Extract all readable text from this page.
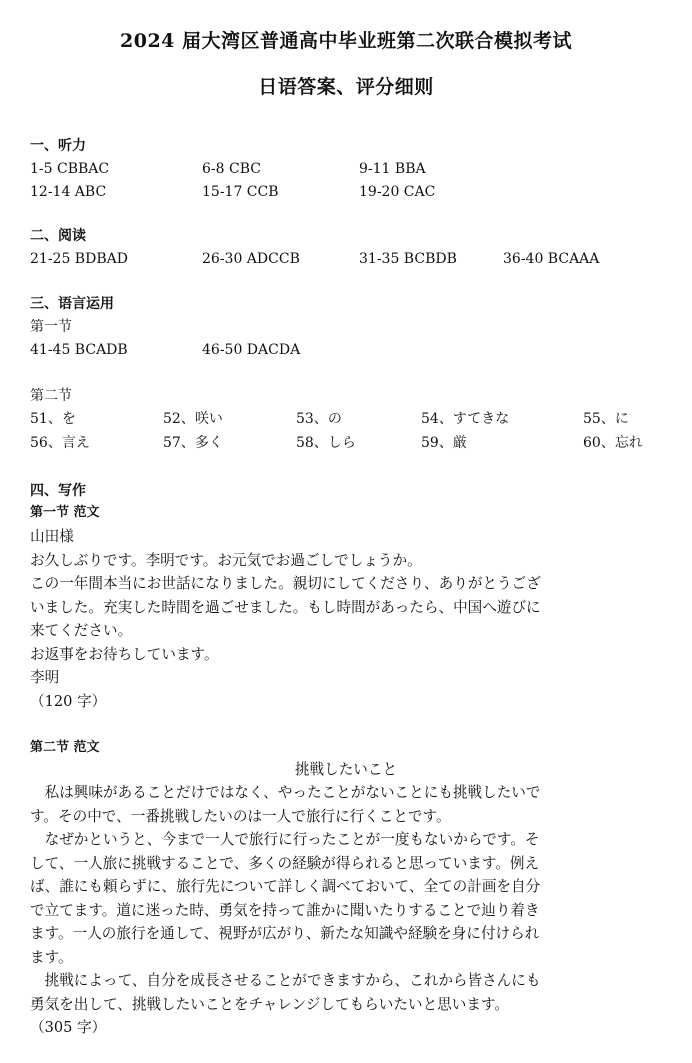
2024 届大湾区普通高中毕业班第二次联合模拟考试
日语答案、评分细则
一、听力
1-5 CBBAC	6-8 CBC	9-11 BBA
12-14 ABC	15-17 CCB	19-20 CAC
二、阅读
21-25 BDBAD	26-30 ADCCB	31-35 BCBDB	36-40 BCAAA
三、语言运用
第一节
41-45 BCADB	46-50 DACDA
第二节
51、を	52、咲い	53、の	54、すてきな	55、に
56、言え	57、多く	58、しら	59、厳	60、忘れ
四、写作
第一节 范文
山田様
お久しぶりです。李明です。お元気でお過ごしでしょうか。
この一年間本当にお世話になりました。親切にしてくださり、ありがとうござ
いました。充実した時間を過ごせました。もし時間があったら、中国へ遊びに
来てください。
お返事をお待ちしています。
李明
（120 字）
第二节 范文
挑戦したいこと
　私は興味があることだけではなく、やったことがないことにも挑戦したいで
す。その中で、一番挑戦したいのは一人で旅行に行くことです。
　なぜかというと、今まで一人で旅行に行ったことが一度もないからです。そ
して、一人旅に挑戦することで、多くの経験が得られると思っています。例え
ば、誰にも頼らずに、旅行先について詳しく調べておいて、全ての計画を自分
で立てます。道に迷った時、勇気を持って誰かに聞いたりすることで辿り着き
ます。一人の旅行を通して、視野が広がり、新たな知識や経験を身に付けられ
ます。
　挑戦によって、自分を成長させることができますから、これから皆さんにも
勇気を出して、挑戦したいことをチャレンジしてもらいたいと思います。
（305 字）
